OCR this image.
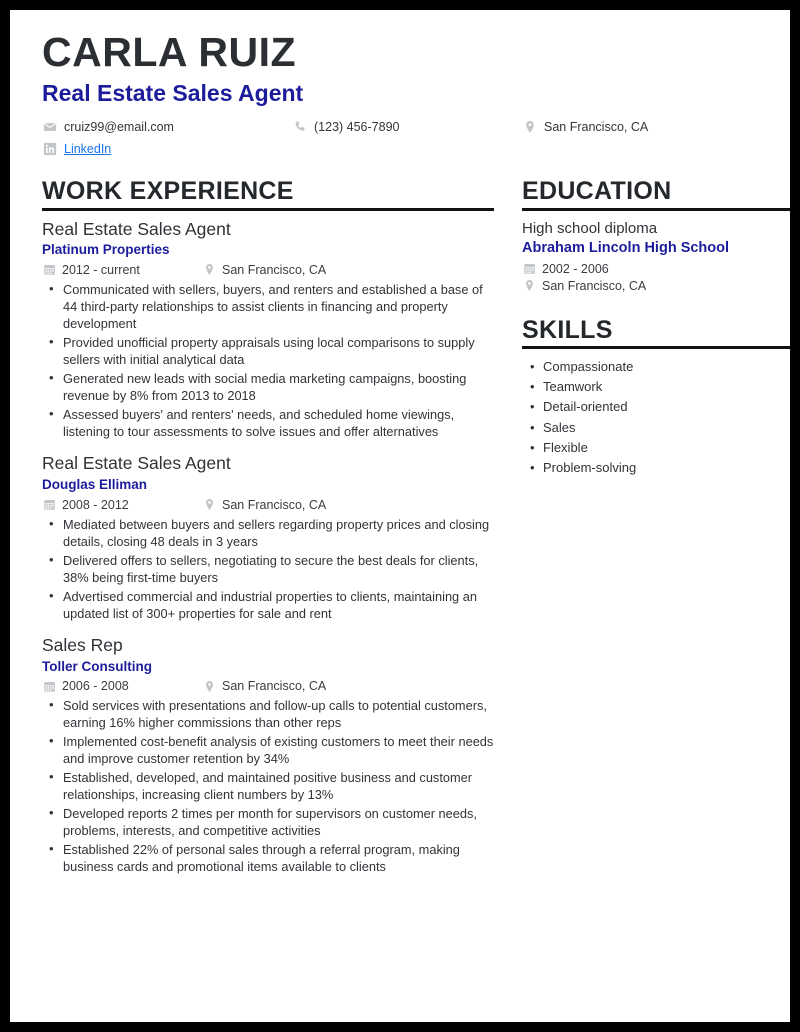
CARLA RUIZ
Real Estate Sales Agent
cruiz99@email.com	(123) 456-7890	San Francisco, CA
LinkedIn
WORK EXPERIENCE
Real Estate Sales Agent
Platinum Properties
2012 - current	San Francisco, CA
• Communicated with sellers, buyers, and renters and established a base of 44 third-party relationships to assist clients in financing and property development
• Provided unofficial property appraisals using local comparisons to supply sellers with initial analytical data
• Generated new leads with social media marketing campaigns, boosting revenue by 8% from 2013 to 2018
• Assessed buyers' and renters' needs, and scheduled home viewings, listening to tour assessments to solve issues and offer alternatives
Real Estate Sales Agent
Douglas Elliman
2008 - 2012	San Francisco, CA
• Mediated between buyers and sellers regarding property prices and closing details, closing 48 deals in 3 years
• Delivered offers to sellers, negotiating to secure the best deals for clients, 38% being first-time buyers
• Advertised commercial and industrial properties to clients, maintaining an updated list of 300+ properties for sale and rent
Sales Rep
Toller Consulting
2006 - 2008	San Francisco, CA
• Sold services with presentations and follow-up calls to potential customers, earning 16% higher commissions than other reps
• Implemented cost-benefit analysis of existing customers to meet their needs and improve customer retention by 34%
• Established, developed, and maintained positive business and customer relationships, increasing client numbers by 13%
• Developed reports 2 times per month for supervisors on customer needs, problems, interests, and competitive activities
• Established 22% of personal sales through a referral program, making business cards and promotional items available to clients
EDUCATION
High school diploma
Abraham Lincoln High School
2002 - 2006
San Francisco, CA
SKILLS
• Compassionate
• Teamwork
• Detail-oriented
• Sales
• Flexible
• Problem-solving
